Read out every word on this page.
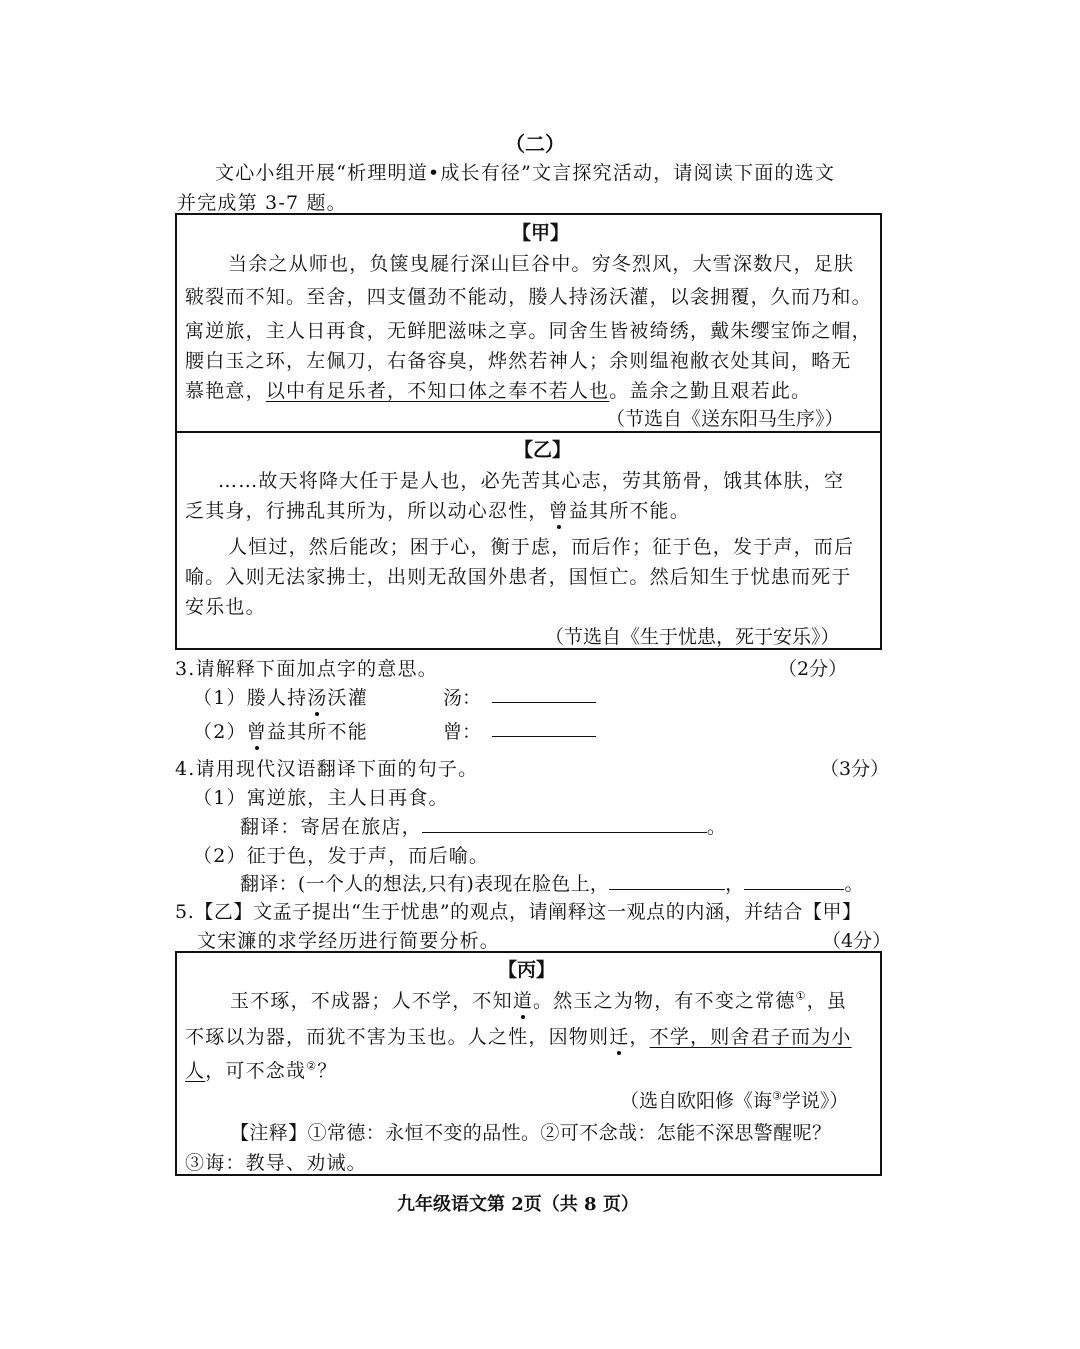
（二）
文心小组开展“析理明道•成长有径”文言探究活动，请阅读下面的选文
并完成第 3-7 题。
【甲】
当余之从师也，负箧曳屣行深山巨谷中。穷冬烈风，大雪深数尺，足肤
皲裂而不知。至舍，四支僵劲不能动，媵人持汤沃灌，以衾拥覆，久而乃和。
寓逆旅，主人日再食，无鲜肥滋味之享。同舍生皆被绮绣，戴朱缨宝饰之帽，
腰白玉之环，左佩刀，右备容臭，烨然若神人；余则缊袍敝衣处其间，略无
慕艳意，以中有足乐者，不知口体之奉不若人也。盖余之勤且艰若此。
（节选自《送东阳马生序》）
【乙】
……故天将降大任于是人也，必先苦其心志，劳其筋骨，饿其体肤，空
乏其身，行拂乱其所为，所以动心忍性，曾益其所不能。
人恒过，然后能改；困于心，衡于虑，而后作；征于色，发于声，而后
喻。入则无法家拂士，出则无敌国外患者，国恒亡。然后知生于忧患而死于
安乐也。
（节选自《生于忧患，死于安乐》）
3.请解释下面加点字的意思。	（2分）
（1）媵人持汤沃灌	汤：
（2）曾益其所不能	曾：
4.请用现代汉语翻译下面的句子。	（3分）
（1）寓逆旅，主人日再食。
翻译：寄居在旅店，	。
（2）征于色，发于声，而后喻。
翻译：(一个人的想法,只有)表现在脸色上，	，	。
5.【乙】文孟子提出“生于忧患”的观点，请阐释这一观点的内涵，并结合【甲】
文宋濂的求学经历进行简要分析。	（4分）
【丙】
玉不琢，不成器；人不学，不知道。然玉之为物，有不变之常德①，虽
不琢以为器，而犹不害为玉也。人之性，因物则迁，不学，则舍君子而为小
人，可不念哉②？
（选自欧阳修《诲③学说》）
【注释】①常德：永恒不变的品性。②可不念哉：怎能不深思警醒呢？
③诲：教导、劝诫。
九年级语文第 2页（共 8 页）
